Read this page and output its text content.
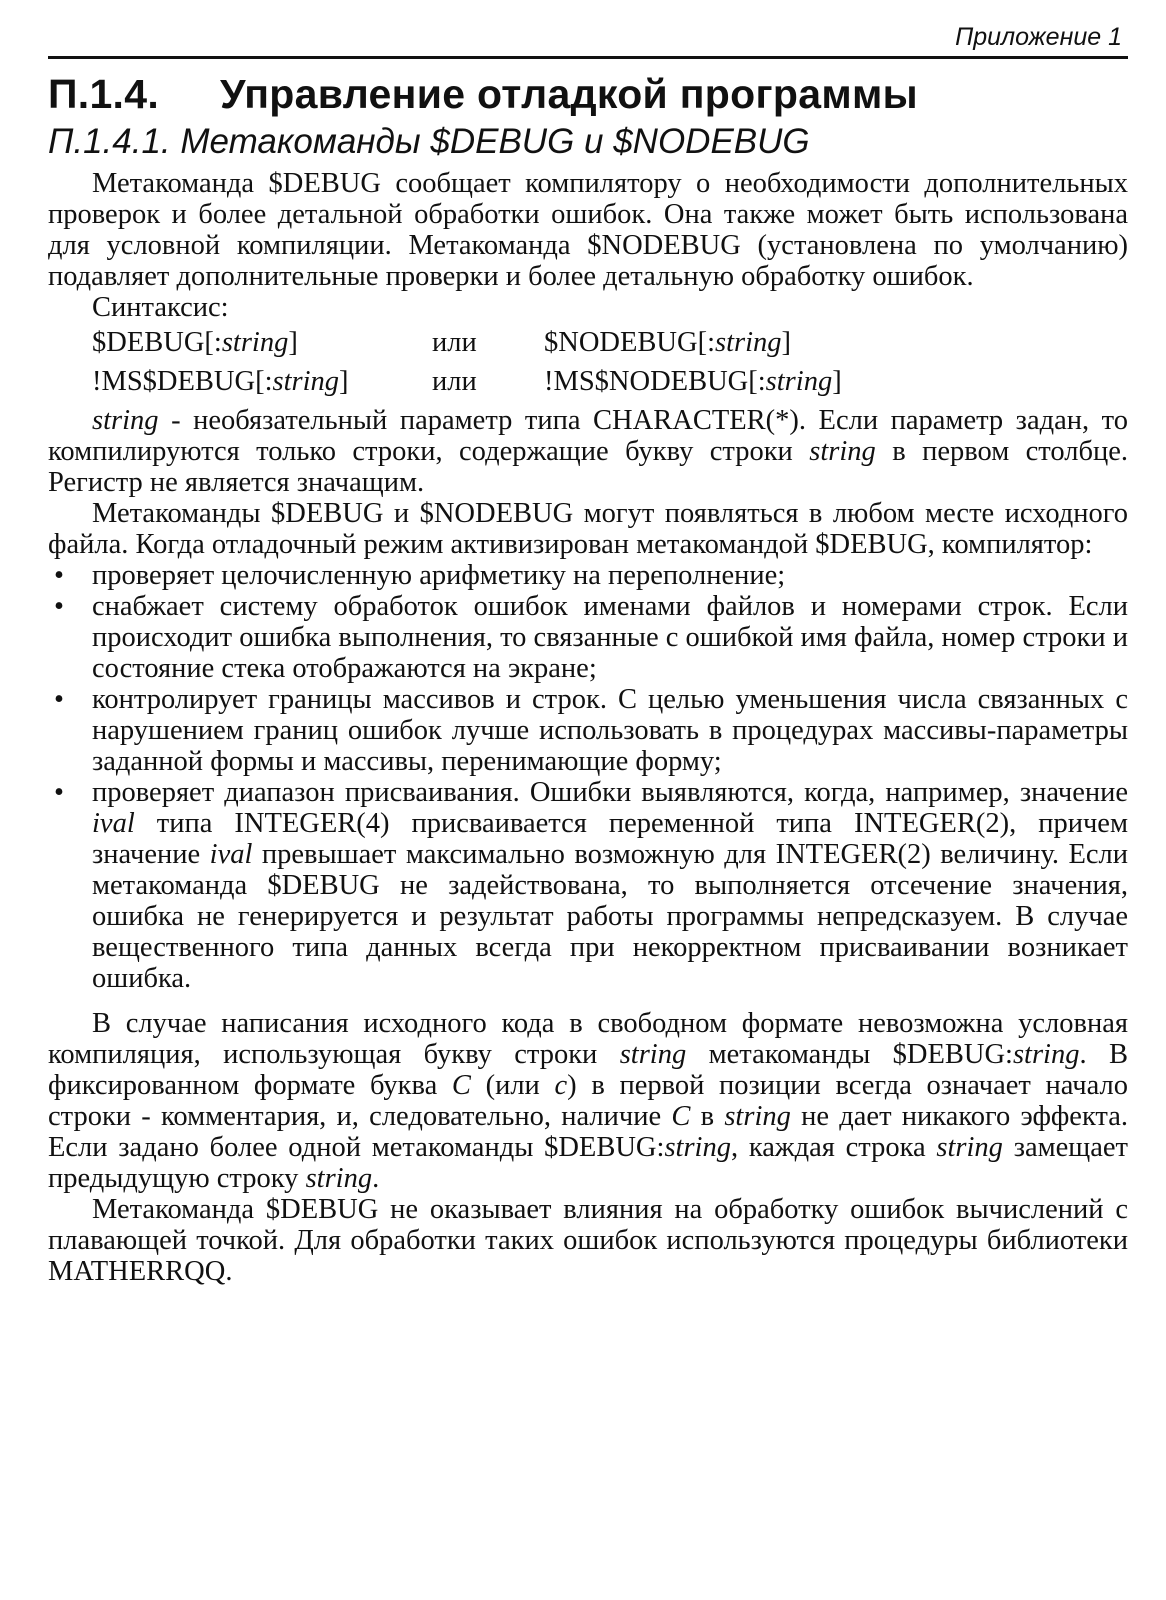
Приложение 1
П.1.4. Управление отладкой программы
П.1.4.1. Метакоманды $DEBUG и $NODEBUG

Метакоманда $DEBUG сообщает компилятору о необходимости дополнительных проверок и более детальной обработки ошибок. Она также может быть использована для условной компиляции. Метакоманда $NODEBUG (установлена по умолчанию) подавляет дополнительные проверки и более детальную обработку ошибок.

Синтаксис:

$DEBUG[:string]	или	$NODEBUG[:string]
!MS$DEBUG[:string]	или	!MS$NODEBUG[:string]

string - необязательный параметр типа CHARACTER(*). Если параметр задан, то компилируются только строки, содержащие букву строки string в первом столбце. Регистр не является значащим.

Метакоманды $DEBUG и $NODEBUG могут появляться в любом месте исходного файла. Когда отладочный режим активизирован метакомандой $DEBUG, компилятор:

• проверяет целочисленную арифметику на переполнение;
• снабжает систему обработок ошибок именами файлов и номерами строк. Если происходит ошибка выполнения, то связанные с ошибкой имя файла, номер строки и состояние стека отображаются на экране;
• контролирует границы массивов и строк. С целью уменьшения числа связанных с нарушением границ ошибок лучше использовать в процедурах массивы-параметры заданной формы и массивы, перенимающие форму;
• проверяет диапазон присваивания. Ошибки выявляются, когда, например, значение ival типа INTEGER(4) присваивается переменной типа INTEGER(2), причем значение ival превышает максимально возможную для INTEGER(2) величину. Если метакоманда $DEBUG не задействована, то выполняется отсечение значения, ошибка не генерируется и результат работы программы непредсказуем. В случае вещественного типа данных всегда при некорректном присваивании возникает ошибка.

В случае написания исходного кода в свободном формате невозможна условная компиляция, использующая букву строки string метакоманды $DEBUG:string. В фиксированном формате буква C (или c) в первой позиции всегда означает начало строки - комментария, и, следовательно, наличие C в string не дает никакого эффекта. Если задано более одной метакоманды $DEBUG:string, каждая строка string замещает предыдущую строку string.

Метакоманда $DEBUG не оказывает влияния на обработку ошибок вычислений с плавающей точкой. Для обработки таких ошибок используются процедуры библиотеки MATHERRQQ.
